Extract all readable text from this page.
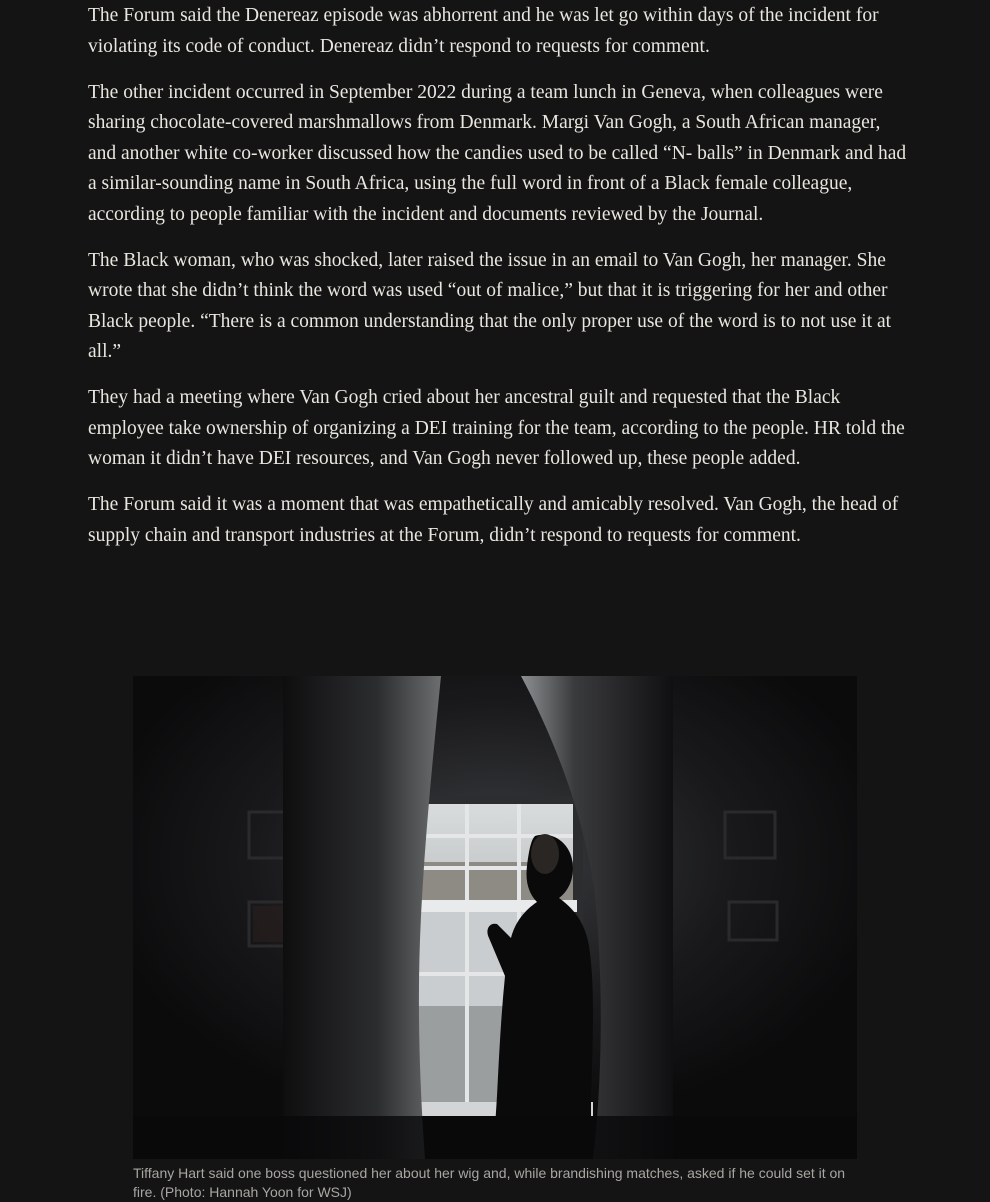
The Forum said the Denereaz episode was abhorrent and he was let go within days of the incident for violating its code of conduct. Denereaz didn’t respond to requests for comment.

The other incident occurred in September 2022 during a team lunch in Geneva, when colleagues were sharing chocolate-covered marshmallows from Denmark. Margi Van Gogh, a South African manager, and another white co-worker discussed how the candies used to be called “N- balls” in Denmark and had a similar-sounding name in South Africa, using the full word in front of a Black female colleague, according to people familiar with the incident and documents reviewed by the Journal.

The Black woman, who was shocked, later raised the issue in an email to Van Gogh, her manager. She wrote that she didn’t think the word was used “out of malice,” but that it is triggering for her and other Black people. “There is a common understanding that the only proper use of the word is to not use it at all.”

They had a meeting where Van Gogh cried about her ancestral guilt and requested that the Black employee take ownership of organizing a DEI training for the team, according to the people. HR told the woman it didn’t have DEI resources, and Van Gogh never followed up, these people added.

The Forum said it was a moment that was empathetically and amicably resolved. Van Gogh, the head of supply chain and transport industries at the Forum, didn’t respond to requests for comment.

Tiffany Hart said one boss questioned her about her wig and, while brandishing matches, asked if he could set it on fire. (Photo: Hannah Yoon for WSJ)
